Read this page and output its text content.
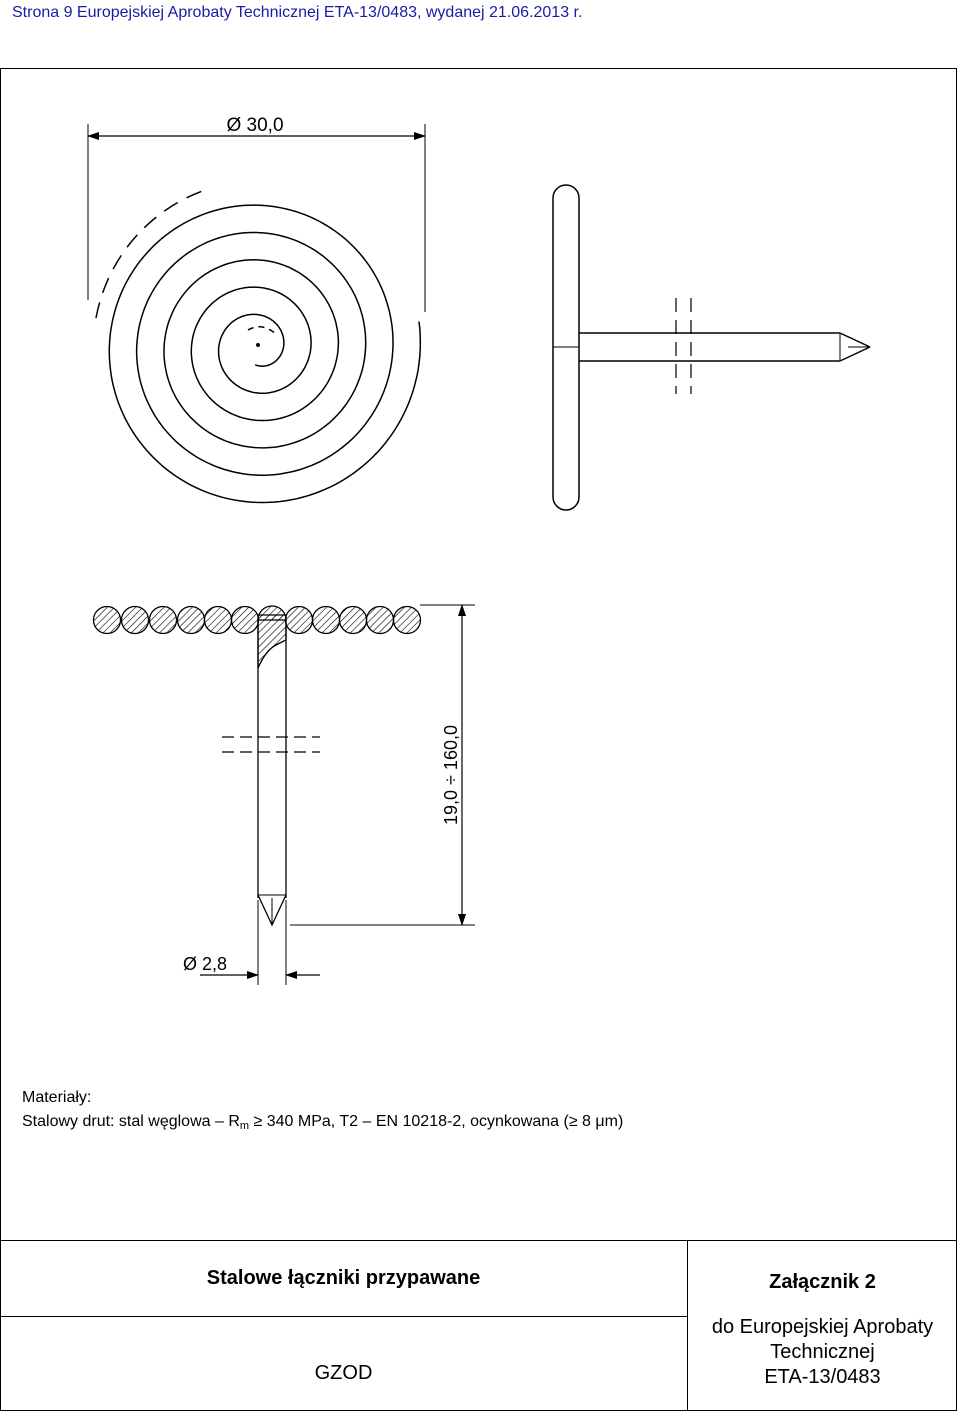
Strona 9 Europejskiej Aprobaty Technicznej ETA-13/0483, wydanej 21.06.2013 r.
Ø 30,0
Ø 2,8
19,0 ÷ 160,0
Materiały:
Stalowy drut: stal węglowa – $R_m \ge 340$ MPa, T2 – EN 10218-2, ocynkowana (≥ 8 μm)
Stalowe łączniki przypawane
GZOD
Załącznik 2
do Europejskiej Aprobaty
Technicznej
ETA-13/0483
